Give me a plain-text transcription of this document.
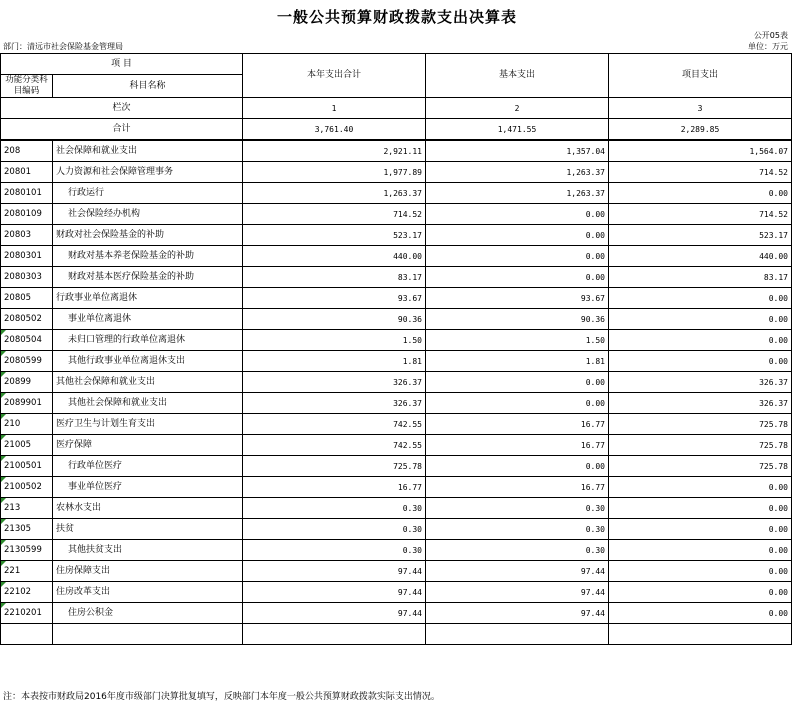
一般公共预算财政拨款支出决算表
公开05表
部门：清远市社会保险基金管理局	单位：万元
项 目		本年支出合计	基本支出	项目支出
功能分类科目编码	科目名称			
栏次		1	2	3
合计		3,761.40	1,471.55	2,289.85
208	社会保障和就业支出	2,921.11	1,357.04	1,564.07
20801	人力资源和社会保障管理事务	1,977.89	1,263.37	714.52
2080101	行政运行	1,263.37	1,263.37	0.00
2080109	社会保险经办机构	714.52	0.00	714.52
20803	财政对社会保险基金的补助	523.17	0.00	523.17
2080301	财政对基本养老保险基金的补助	440.00	0.00	440.00
2080303	财政对基本医疗保险基金的补助	83.17	0.00	83.17
20805	行政事业单位离退休	93.67	93.67	0.00
2080502	事业单位离退休	90.36	90.36	0.00

2080504	未归口管理的行政单位离退休	1.50	1.50	0.00

2080599	其他行政事业单位离退休支出	1.81	1.81	0.00

20899	其他社会保障和就业支出	326.37	0.00	326.37

2089901	其他社会保障和就业支出	326.37	0.00	326.37

210	医疗卫生与计划生育支出	742.55	16.77	725.78

21005	医疗保障	742.55	16.77	725.78

2100501	行政单位医疗	725.78	0.00	725.78

2100502	事业单位医疗	16.77	16.77	0.00

213	农林水支出	0.30	0.30	0.00

21305	扶贫	0.30	0.30	0.00

2130599	其他扶贫支出	0.30	0.30	0.00

221	住房保障支出	97.44	97.44	0.00

22102	住房改革支出	97.44	97.44	0.00

2210201	住房公积金	97.44	97.44	0.00

注：本表按市财政局2016年度市级部门决算批复填写，反映部门本年度一般公共预算财政拨款实际支出情况。
